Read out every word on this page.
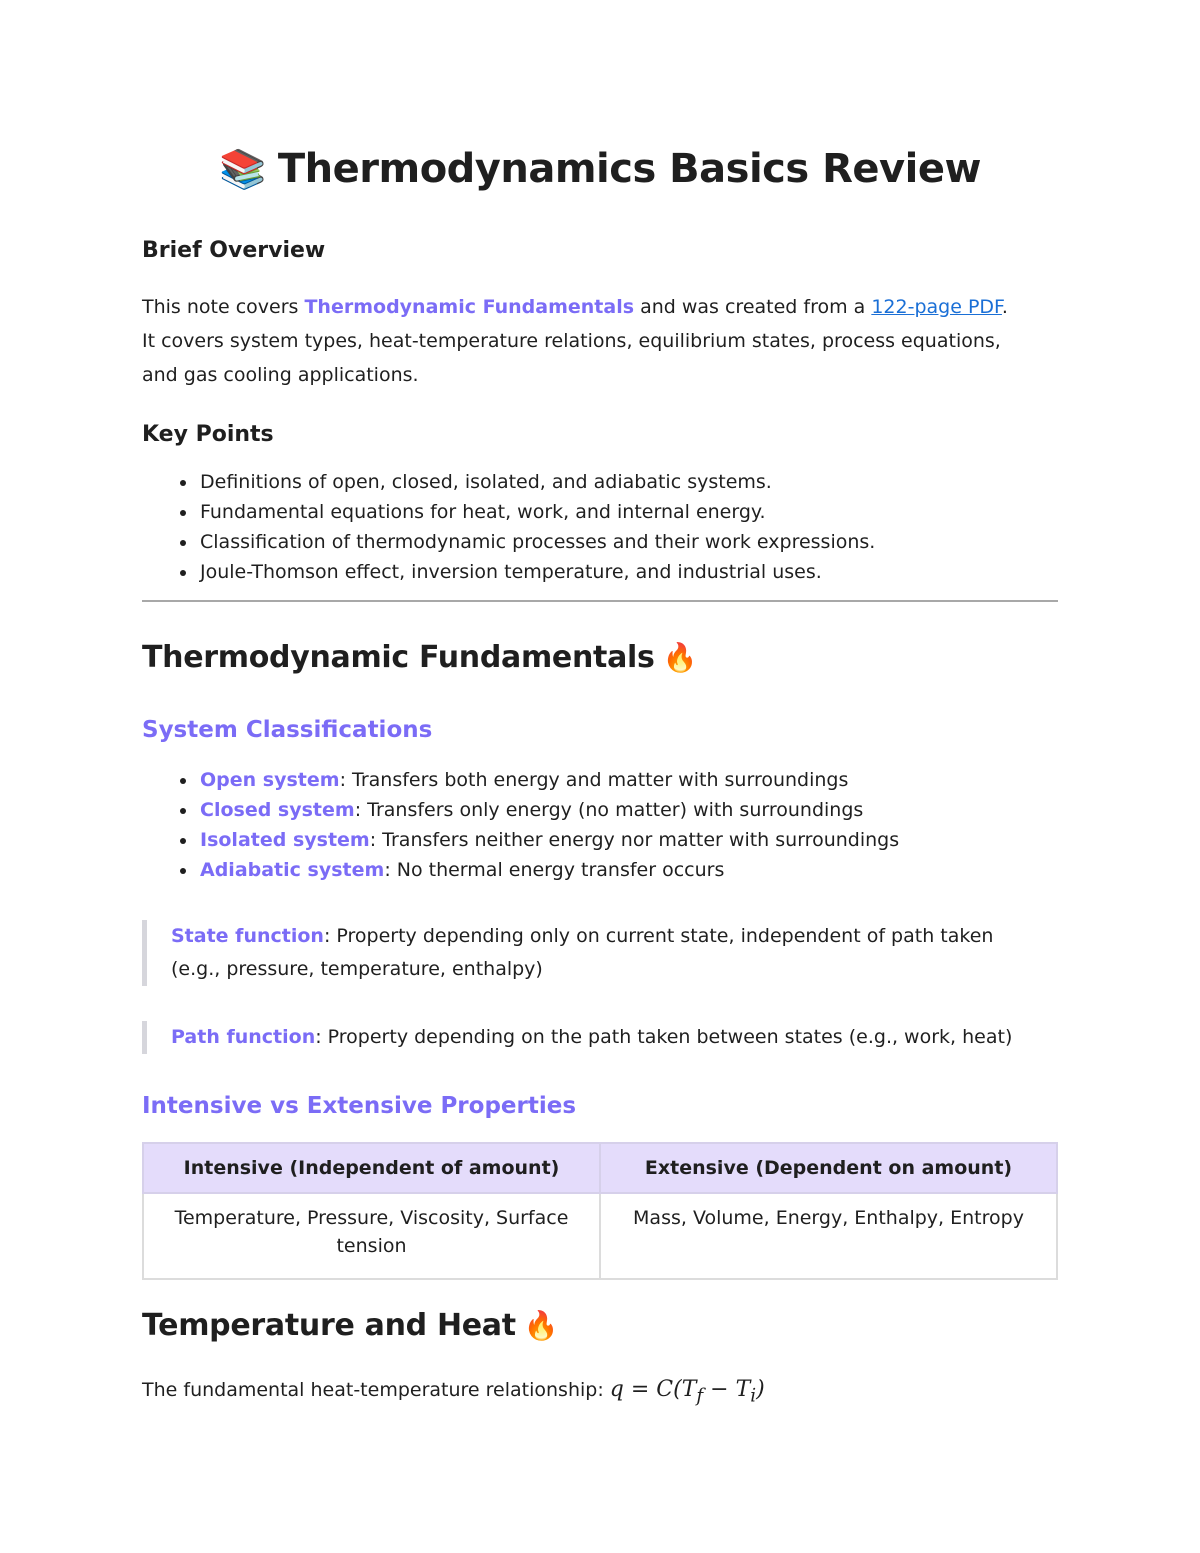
📚 Thermodynamics Basics Review
Brief Overview
This note covers Thermodynamic Fundamentals and was created from a 122-page PDF.
It covers system types, heat-temperature relations, equilibrium states, process equations,
and gas cooling applications.
Key Points
Definitions of open, closed, isolated, and adiabatic systems.
Fundamental equations for heat, work, and internal energy.
Classification of thermodynamic processes and their work expressions.
Joule-Thomson effect, inversion temperature, and industrial uses.
Thermodynamic Fundamentals 🔥
System Classifications
Open system: Transfers both energy and matter with surroundings
Closed system: Transfers only energy (no matter) with surroundings
Isolated system: Transfers neither energy nor matter with surroundings
Adiabatic system: No thermal energy transfer occurs
State function: Property depending only on current state, independent of path taken
(e.g., pressure, temperature, enthalpy)
Path function: Property depending on the path taken between states (e.g., work, heat)
Intensive vs Extensive Properties
Intensive (Independent of amount)	Extensive (Dependent on amount)
Temperature, Pressure, Viscosity, Surface tension	Mass, Volume, Energy, Enthalpy, Entropy
Temperature and Heat 🔥
The fundamental heat-temperature relationship: $q = C(T_f - T_i)$
